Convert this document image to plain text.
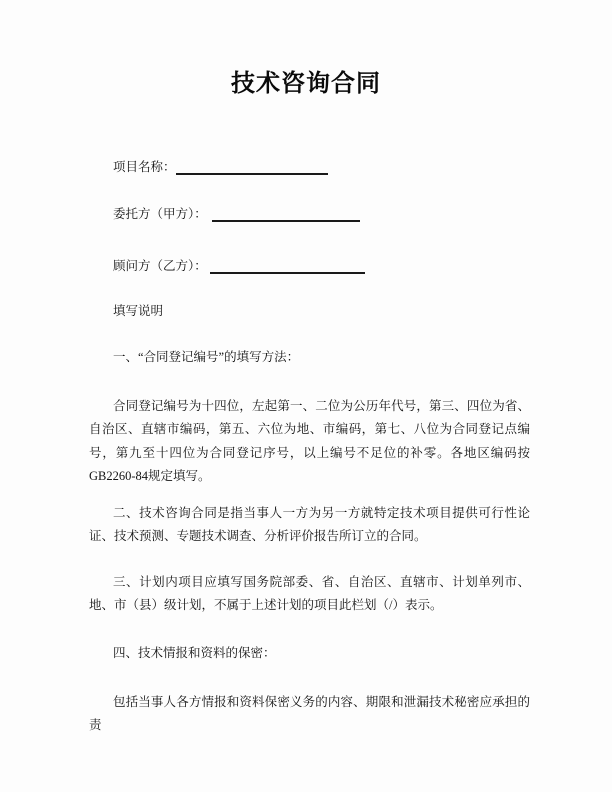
技术咨询合同
项目名称：
委托方（甲方）：
顾问方（乙方）：
填写说明
一、“合同登记编号”的填写方法：
合同登记编号为十四位，左起第一、二位为公历年代号，第三、四位为省、自治区、直辖市编码，第五、六位为地、市编码，第七、八位为合同登记点编号，第九至十四位为合同登记序号，以上编号不足位的补零。各地区编码按GB2260-84规定填写。
二、技术咨询合同是指当事人一方为另一方就特定技术项目提供可行性论证、技术预测、专题技术调查、分析评价报告所订立的合同。
三、计划内项目应填写国务院部委、省、自治区、直辖市、计划单列市、地、市（县）级计划，不属于上述计划的项目此栏划（/）表示。
四、技术情报和资料的保密：
包括当事人各方情报和资料保密义务的内容、期限和泄漏技术秘密应承担的责
